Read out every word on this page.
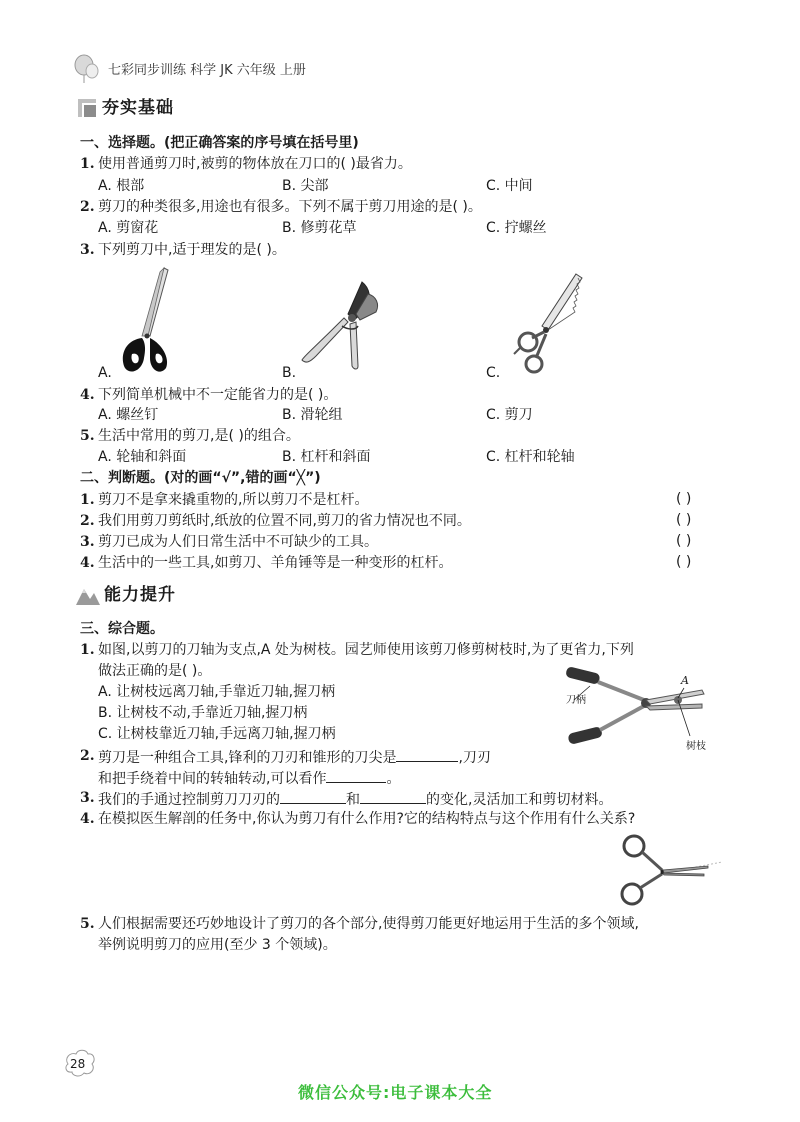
七彩同步训练 科学 JK 六年级 上册
夯实基础
一、选择题。(把正确答案的序号填在括号里)
1. 使用普通剪刀时,被剪的物体放在刀口的( )最省力。
A. 根部	B. 尖部	C. 中间
2. 剪刀的种类很多,用途也有很多。下列不属于剪刀用途的是( )。
A. 剪窗花	B. 修剪花草	C. 拧螺丝
3. 下列剪刀中,适于理发的是( )。
A.	B.	C.
4. 下列简单机械中不一定能省力的是( )。
A. 螺丝钉	B. 滑轮组	C. 剪刀
5. 生活中常用的剪刀,是( )的组合。
A. 轮轴和斜面	B. 杠杆和斜面	C. 杠杆和轮轴
二、判断题。(对的画“√”,错的画“╳”)
1. 剪刀不是拿来撬重物的,所以剪刀不是杠杆。	( )
2. 我们用剪刀剪纸时,纸放的位置不同,剪刀的省力情况也不同。	( )
3. 剪刀已成为人们日常生活中不可缺少的工具。	( )
4. 生活中的一些工具,如剪刀、羊角锤等是一种变形的杠杆。	( )
能力提升
三、综合题。
1. 如图,以剪刀的刀轴为支点,A 处为树枝。园艺师使用该剪刀修剪树枝时,为了更省力,下列
做法正确的是( )。
A. 让树枝远离刀轴,手靠近刀轴,握刀柄
B. 让树枝不动,手靠近刀轴,握刀柄
C. 让树枝靠近刀轴,手远离刀轴,握刀柄
刀柄
A
树枝
2. 剪刀是一种组合工具,锋利的刀刃和锥形的刀尖是	,刀刃
和把手绕着中间的转轴转动,可以看作	。
3. 我们的手通过控制剪刀刀刃的	和	的变化,灵活加工和剪切材料。
4. 在模拟医生解剖的任务中,你认为剪刀有什么作用?它的结构特点与这个作用有什么关系?
5. 人们根据需要还巧妙地设计了剪刀的各个部分,使得剪刀能更好地运用于生活的多个领域,
举例说明剪刀的应用(至少 3 个领域)。
28
微信公众号:电子课本大全
